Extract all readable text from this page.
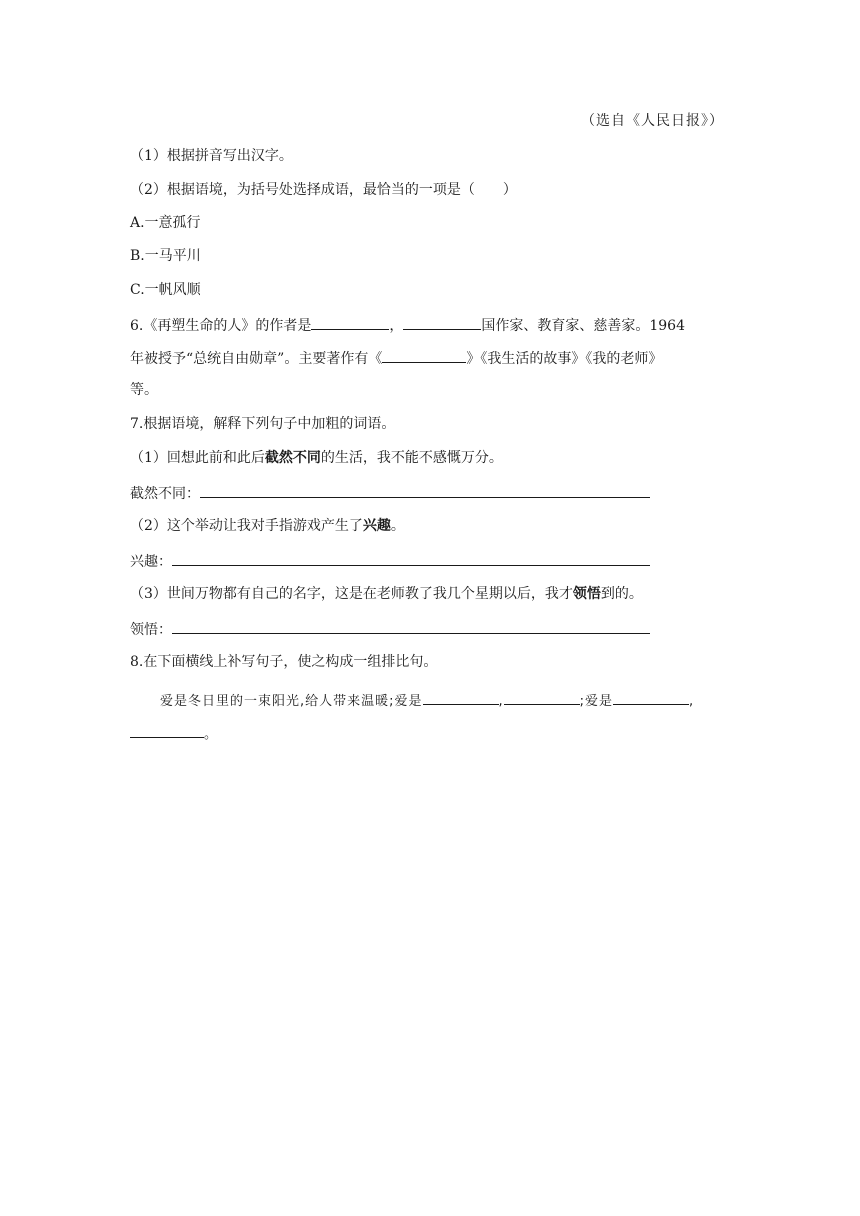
（选自《人民日报》）
（1）根据拼音写出汉字。
（2）根据语境，为括号处选择成语，最恰当的一项是（　　）
A.一意孤行
B.一马平川
C.一帆风顺
6.《再塑生命的人》的作者是	，	国作家、教育家、慈善家。1964
年被授予“总统自由勋章”。主要著作有《	》《我生活的故事》《我的老师》
等。
7.根据语境，解释下列句子中加粗的词语。
（1）回想此前和此后截然不同的生活，我不能不感慨万分。
截然不同：
（2）这个举动让我对手指游戏产生了兴趣。
兴趣：
（3）世间万物都有自己的名字，这是在老师教了我几个星期以后，我才领悟到的。
领悟：
8.在下面横线上补写句子，使之构成一组排比句。
爱是冬日里的一束阳光,给人带来温暖;爱是	,	;爱是	,
。
